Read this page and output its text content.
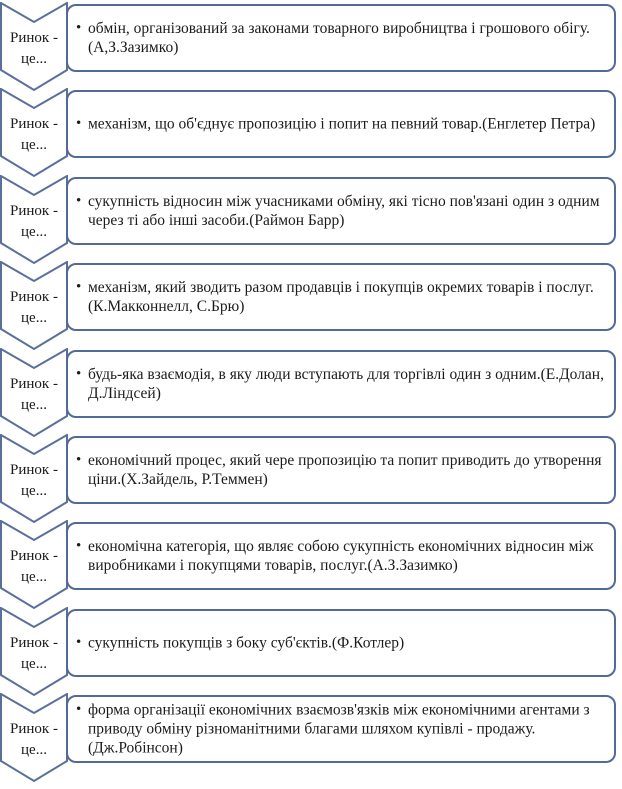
Ринок -
це...
• обмін, організований за законами товарного виробництва і грошового обігу. (А,З.Зазимко)
Ринок -
це...
• механізм, що об'єднує пропозицію і попит на певний товар.(Енглетер Петра)
Ринок -
це...
• сукупність відносин між учасниками обміну, які тісно пов'язані один з одним через ті або інші засоби.(Раймон Барр)
Ринок -
це...
• механізм, який зводить разом продавців і покупців окремих товарів і послуг.(К.Макконнелл, С.Брю)
Ринок -
це...
• будь-яка взаємодія, в яку люди вступають для торгівлі один з одним.(Е.Долан, Д.Ліндсей)
Ринок -
це...
• економічний процес, який чере пропозицію та попит приводить до утворення ціни.(Х.Зайдель, Р.Теммен)
Ринок -
це...
• економічна категорія, що являє собою сукупність економічних відносин між виробниками і покупцями товарів, послуг.(А.З.Зазимко)
Ринок -
це...
• сукупність покупців з боку суб'єктів.(Ф.Котлер)
Ринок -
це...
• форма організації економічних взаємозв'язків між економічними агентами з приводу обміну різноманітними благами шляхом купівлі - продажу.(Дж.Робінсон)
